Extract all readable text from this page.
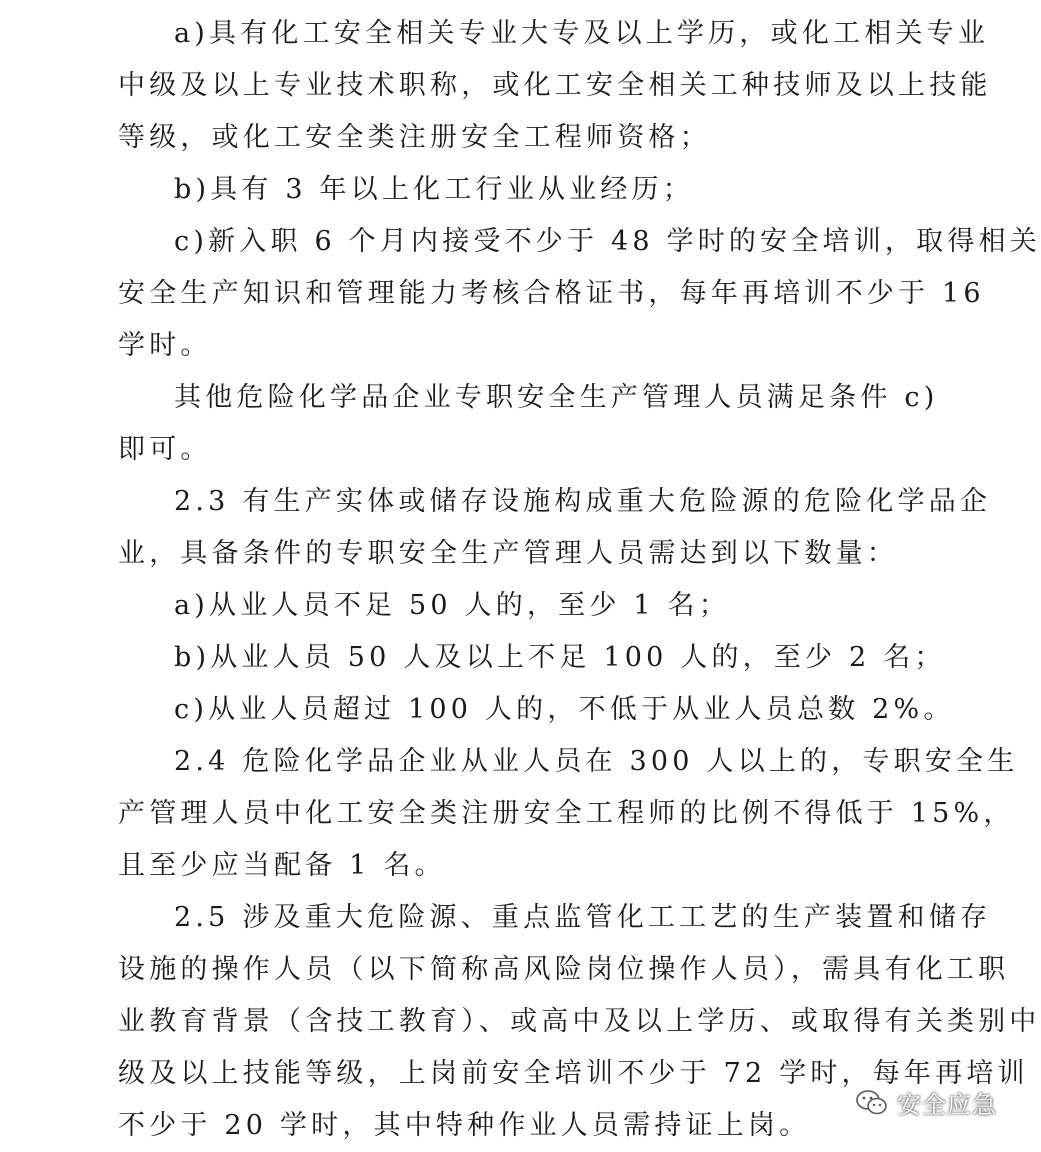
a)具有化工安全相关专业大专及以上学历，或化工相关专业
中级及以上专业技术职称，或化工安全相关工种技师及以上技能
等级，或化工安全类注册安全工程师资格；
b)具有 3 年以上化工行业从业经历；
c)新入职 6 个月内接受不少于 48 学时的安全培训，取得相关
安全生产知识和管理能力考核合格证书，每年再培训不少于 16
学时。
其他危险化学品企业专职安全生产管理人员满足条件 c)
即可。
2.3 有生产实体或储存设施构成重大危险源的危险化学品企
业，具备条件的专职安全生产管理人员需达到以下数量：
a)从业人员不足 50 人的，至少 1 名；
b)从业人员 50 人及以上不足 100 人的，至少 2 名；
c)从业人员超过 100 人的，不低于从业人员总数 2%。
2.4 危险化学品企业从业人员在 300 人以上的，专职安全生
产管理人员中化工安全类注册安全工程师的比例不得低于 15%，
且至少应当配备 1 名。
2.5 涉及重大危险源、重点监管化工工艺的生产装置和储存
设施的操作人员（以下简称高风险岗位操作人员），需具有化工职
业教育背景（含技工教育）、或高中及以上学历、或取得有关类别中
级及以上技能等级，上岗前安全培训不少于 72 学时，每年再培训
不少于 20 学时，其中特种作业人员需持证上岗。
安全应急
